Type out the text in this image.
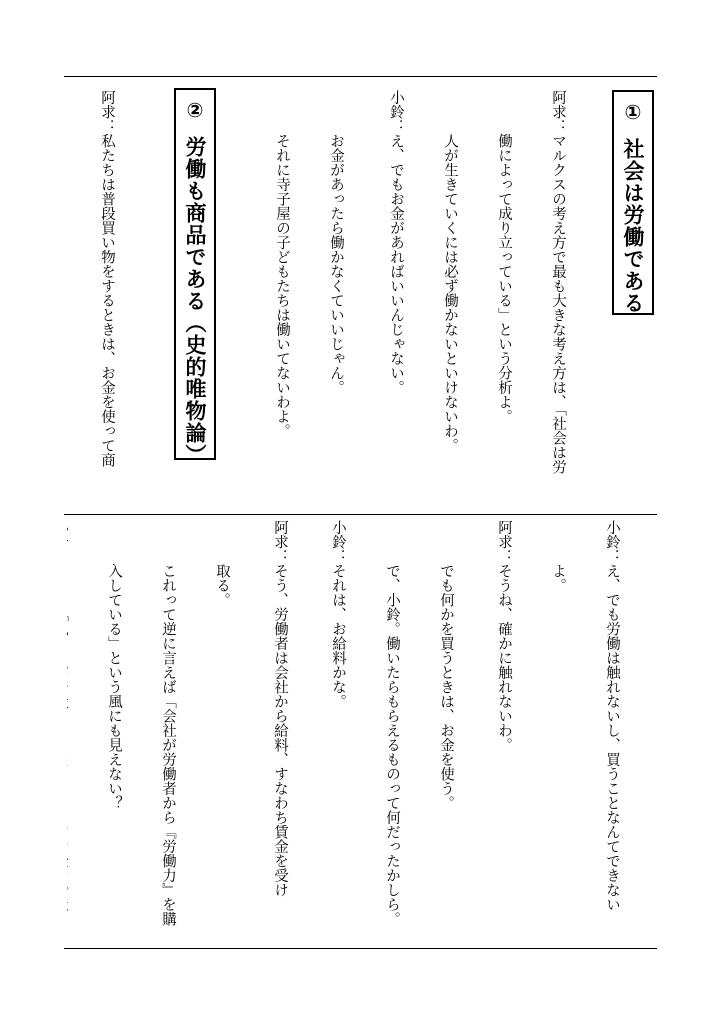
①
社会は労働である

阿求：マルクスの考え方で最も大きな考え方は、「社会は労

　　　働によって成り立っている」という分析よ。

　　　人が生きていくには必ず働かないといけないわ。

小鈴：え、でもお金があればいいんじゃない。

　　　お金があったら働かなくていいじゃん。

　　　それに寺子屋の子どもたちは働いてないわよ。

②
労働も商品である（史的唯物論）

阿求：私たちは普段買い物をするときは、お金を使って商

小鈴：え、でも労働は触れないし、買うことなんてできない

　　　よ。

阿求：そうね、確かに触れないわ。

　　　でも何かを買うときは、お金を使う。

　　　で、小鈴。働いたらもらえるものって何だったかしら。

小鈴：それは、お給料かな。

阿求：そう、労働者は会社から給料、すなわち賃金を受け

　　　取る。

　　　これって逆に言えば「会社が労働者から『労働力』を購

　　　入している」という風にも見えない？
